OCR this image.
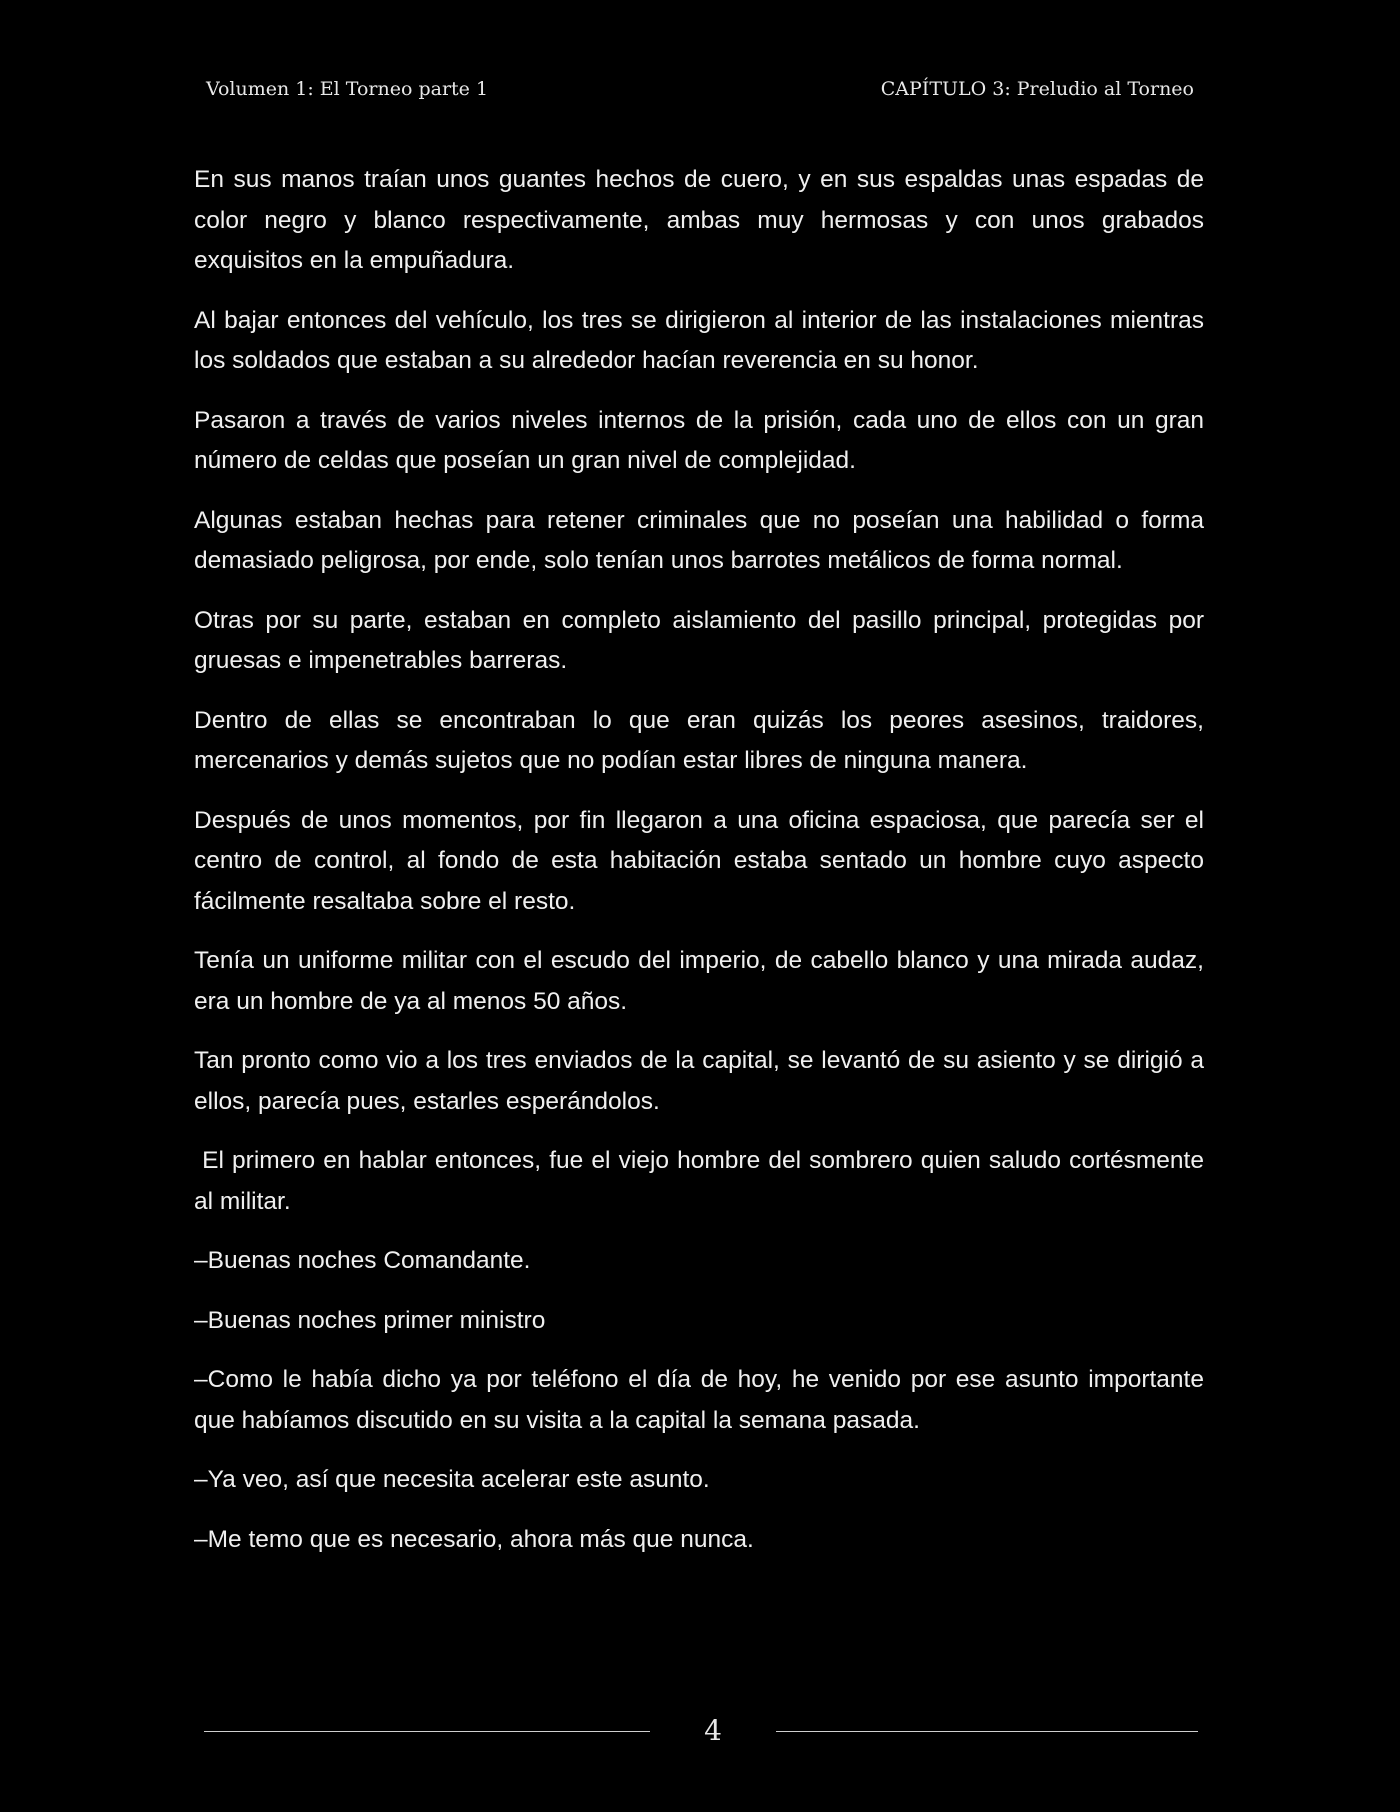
Volumen 1: El Torneo parte 1	CAPÍTULO 3: Preludio al Torneo

En sus manos traían unos guantes hechos de cuero, y en sus espaldas unas espadas de color negro y blanco respectivamente, ambas muy hermosas y con unos grabados exquisitos en la empuñadura.

Al bajar entonces del vehículo, los tres se dirigieron al interior de las instalaciones mientras los soldados que estaban a su alrededor hacían reverencia en su honor.

Pasaron a través de varios niveles internos de la prisión, cada uno de ellos con un gran número de celdas que poseían un gran nivel de complejidad.

Algunas estaban hechas para retener criminales que no poseían una habilidad o forma demasiado peligrosa, por ende, solo tenían unos barrotes metálicos de forma normal.

Otras por su parte, estaban en completo aislamiento del pasillo principal, protegidas por gruesas e impenetrables barreras.

Dentro de ellas se encontraban lo que eran quizás los peores asesinos, traidores, mercenarios y demás sujetos que no podían estar libres de ninguna manera.

Después de unos momentos, por fin llegaron a una oficina espaciosa, que parecía ser el centro de control, al fondo de esta habitación estaba sentado un hombre cuyo aspecto fácilmente resaltaba sobre el resto.

Tenía un uniforme militar con el escudo del imperio, de cabello blanco y una mirada audaz, era un hombre de ya al menos 50 años.

Tan pronto como vio a los tres enviados de la capital, se levantó de su asiento y se dirigió a ellos, parecía pues, estarles esperándolos.

El primero en hablar entonces, fue el viejo hombre del sombrero quien saludo cortésmente al militar.

–Buenas noches Comandante.

–Buenas noches primer ministro

–Como le había dicho ya por teléfono el día de hoy, he venido por ese asunto importante que habíamos discutido en su visita a la capital la semana pasada.

–Ya veo, así que necesita acelerar este asunto.

–Me temo que es necesario, ahora más que nunca.

4
